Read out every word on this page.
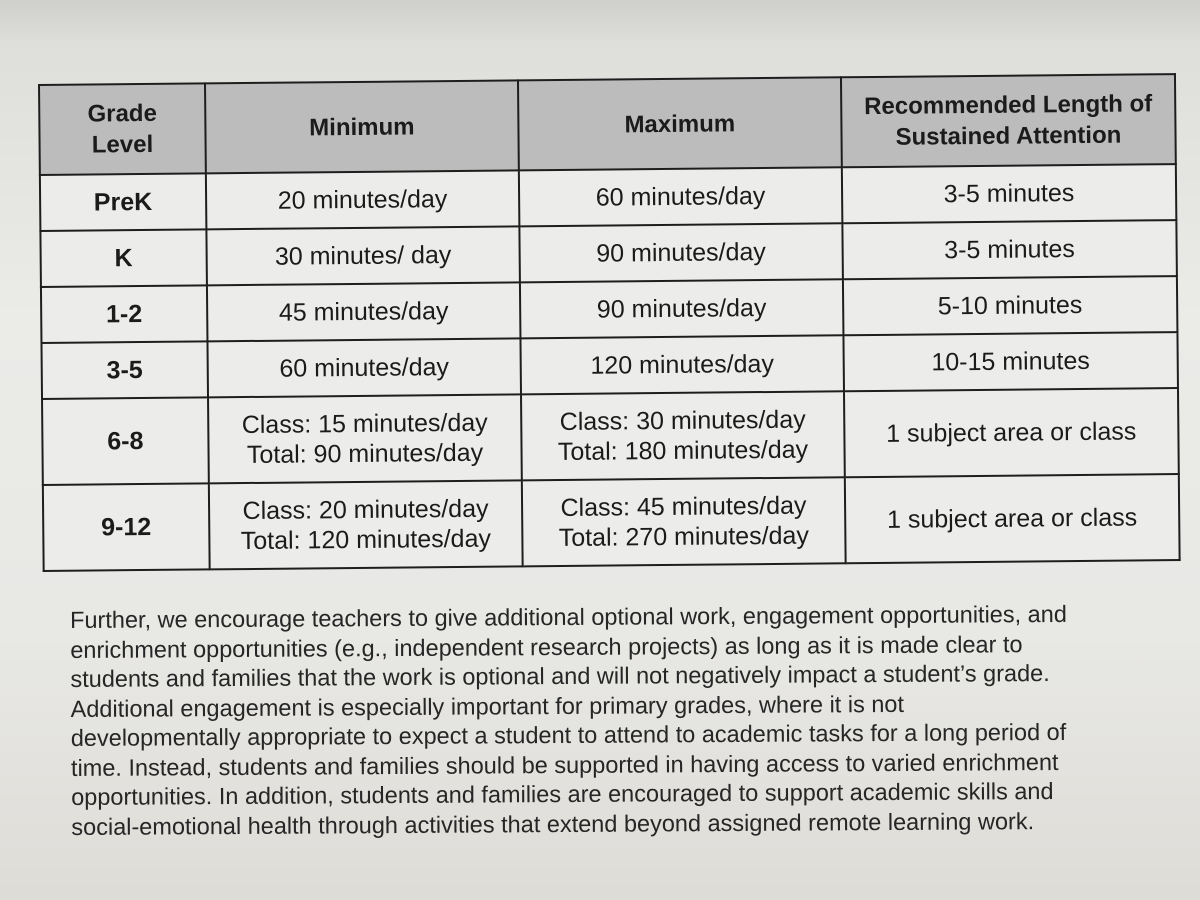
Grade
Level	Minimum	Maximum	Recommended Length of
Sustained Attention

PreK	20 minutes/day	60 minutes/day	3-5 minutes
K	30 minutes/ day	90 minutes/day	3-5 minutes
1-2	45 minutes/day	90 minutes/day	5-10 minutes
3-5	60 minutes/day	120 minutes/day	10-15 minutes
6-8	Class: 15 minutes/day
Total: 90 minutes/day	Class: 30 minutes/day
Total: 180 minutes/day	1 subject area or class
9-12	Class: 20 minutes/day
Total: 120 minutes/day	Class: 45 minutes/day
Total: 270 minutes/day	1 subject area or class

Further, we encourage teachers to give additional optional work, engagement opportunities, and
enrichment opportunities (e.g., independent research projects) as long as it is made clear to
students and families that the work is optional and will not negatively impact a student’s grade.
Additional engagement is especially important for primary grades, where it is not
developmentally appropriate to expect a student to attend to academic tasks for a long period of
time. Instead, students and families should be supported in having access to varied enrichment
opportunities. In addition, students and families are encouraged to support academic skills and
social-emotional health through activities that extend beyond assigned remote learning work.
